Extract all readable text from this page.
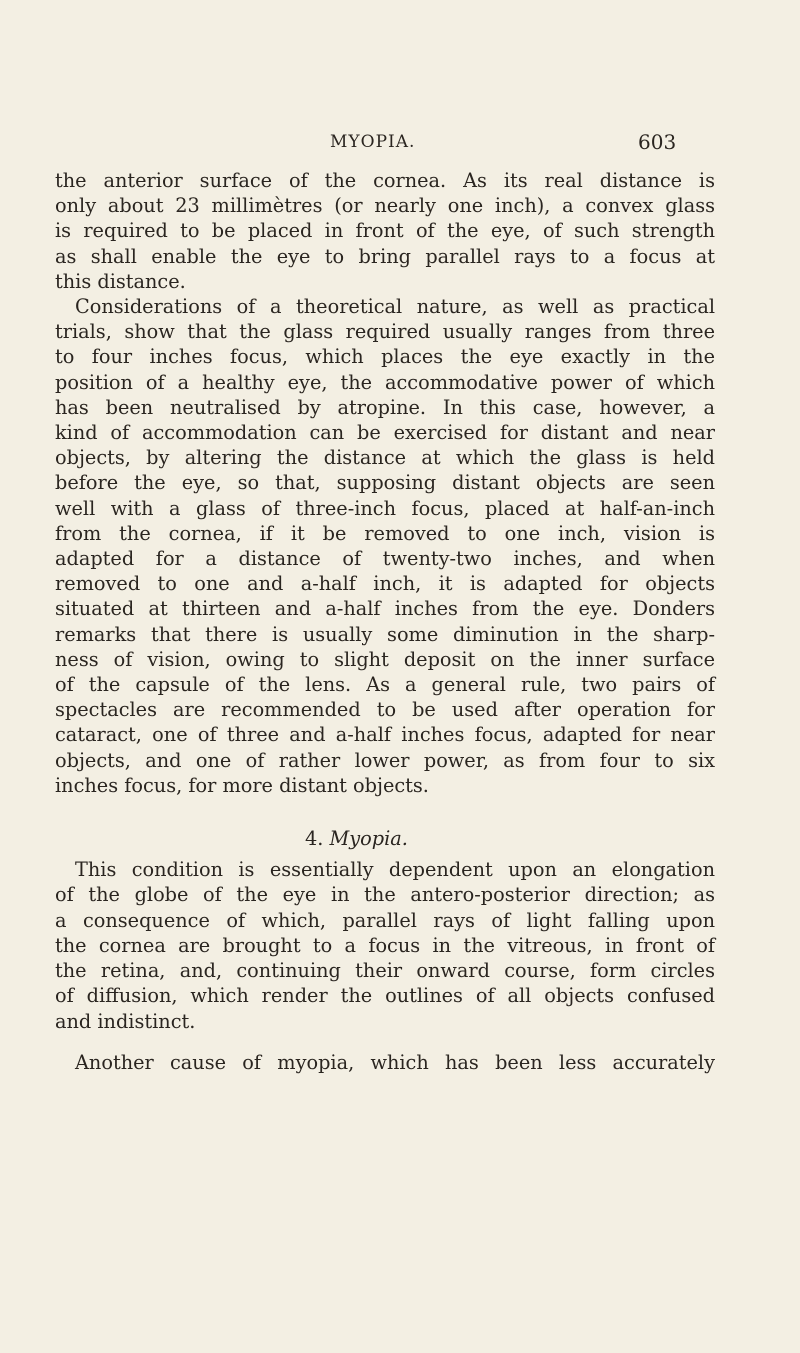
MYOPIA.	603
the anterior surface of the cornea. As its real distance is
only about 23 millimètres (or nearly one inch), a convex glass
is required to be placed in front of the eye, of such strength
as shall enable the eye to bring parallel rays to a focus at
this distance.
Considerations of a theoretical nature, as well as practical
trials, show that the glass required usually ranges from three
to four inches focus, which places the eye exactly in the
position of a healthy eye, the accommodative power of which
has been neutralised by atropine. In this case, however, a
kind of accommodation can be exercised for distant and near
objects, by altering the distance at which the glass is held
before the eye, so that, supposing distant objects are seen
well with a glass of three-inch focus, placed at half-an-inch
from the cornea, if it be removed to one inch, vision is
adapted for a distance of twenty-two inches, and when
removed to one and a-half inch, it is adapted for objects
situated at thirteen and a-half inches from the eye. Donders
remarks that there is usually some diminution in the sharp-
ness of vision, owing to slight deposit on the inner surface
of the capsule of the lens. As a general rule, two pairs of
spectacles are recommended to be used after operation for
cataract, one of three and a-half inches focus, adapted for near
objects, and one of rather lower power, as from four to six
inches focus, for more distant objects.
4. Myopia.
This condition is essentially dependent upon an elongation
of the globe of the eye in the antero-posterior direction; as
a consequence of which, parallel rays of light falling upon
the cornea are brought to a focus in the vitreous, in front of
the retina, and, continuing their onward course, form circles
of diffusion, which render the outlines of all objects confused
and indistinct.
Another cause of myopia, which has been less accurately
